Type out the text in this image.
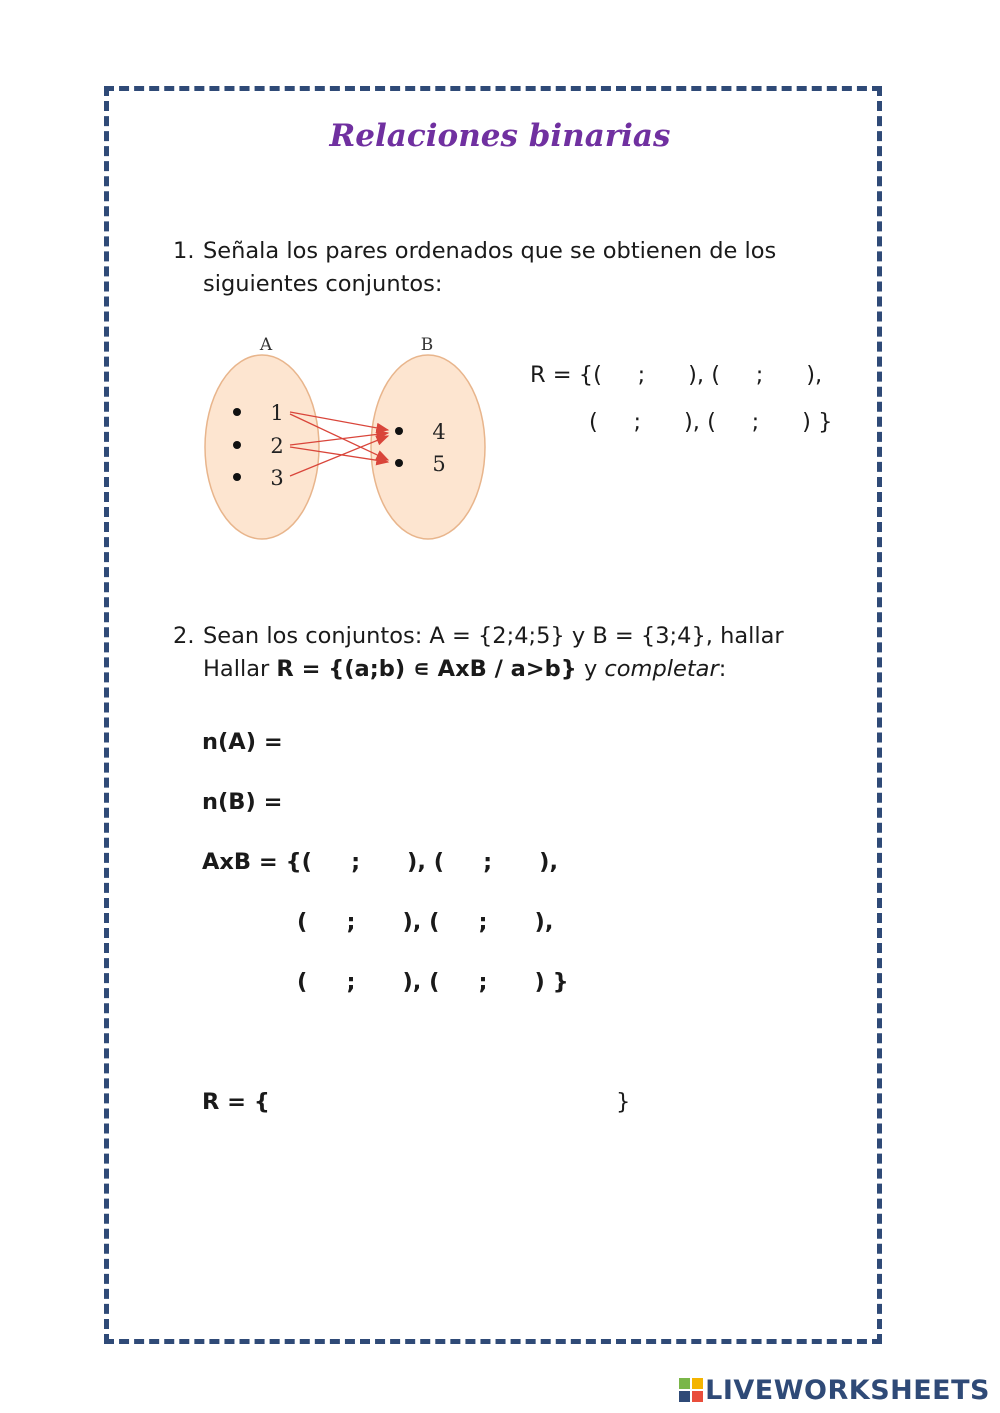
Relaciones binarias
1. Señala los pares ordenados que se obtienen de los
siguientes conjuntos:
A	B
1
2
3
4
5
R = {(     ;      ), (     ;      ),
(     ;      ), (     ;      ) }
2. Sean los conjuntos: A = {2;4;5} y B = {3;4}, hallar
Hallar R = {(a;b) ∊ AxB / a>b} y completar:
n(A) =
n(B) =
AxB = {(     ;      ), (     ;      ),
(     ;      ), (     ;      ),
(     ;      ), (     ;      ) }
R = {	}
LIVEWORKSHEETS
